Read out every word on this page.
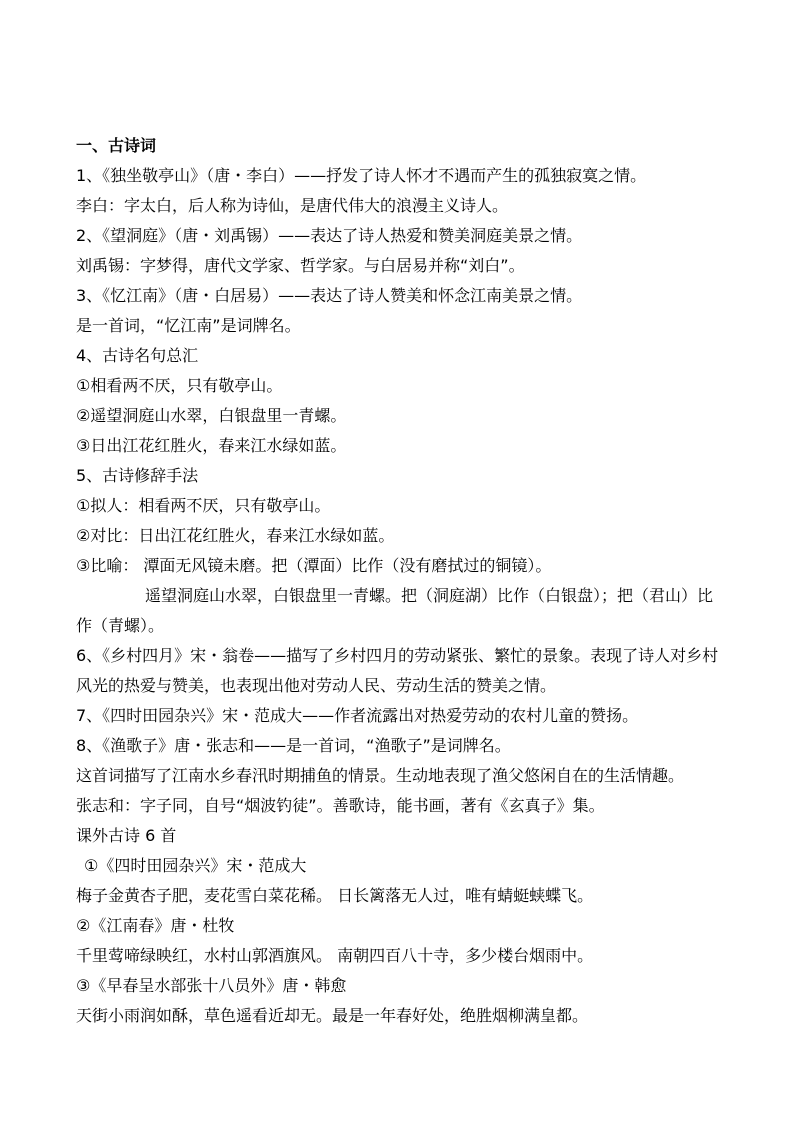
一、古诗词
1、《独坐敬亭山》（唐・李白）——抒发了诗人怀才不遇而产生的孤独寂寞之情。
李白：字太白，后人称为诗仙，是唐代伟大的浪漫主义诗人。
2、《望洞庭》（唐・刘禹锡）——表达了诗人热爱和赞美洞庭美景之情。
刘禹锡：字梦得，唐代文学家、哲学家。与白居易并称“刘白”。
3、《忆江南》（唐・白居易）——表达了诗人赞美和怀念江南美景之情。
是一首词，“忆江南”是词牌名。
4、古诗名句总汇
①相看两不厌，只有敬亭山。
②遥望洞庭山水翠，白银盘里一青螺。
③日出江花红胜火，春来江水绿如蓝。
5、古诗修辞手法
①拟人：相看两不厌，只有敬亭山。
②对比：日出江花红胜火，春来江水绿如蓝。
③比喻： 潭面无风镜未磨。把（潭面）比作（没有磨拭过的铜镜）。
遥望洞庭山水翠，白银盘里一青螺。把（洞庭湖）比作（白银盘）；把（君山）比作（青螺）。
6、《乡村四月》宋・翁卷——描写了乡村四月的劳动紧张、繁忙的景象。表现了诗人对乡村风光的热爱与赞美，也表现出他对劳动人民、劳动生活的赞美之情。
7、《四时田园杂兴》宋・范成大——作者流露出对热爱劳动的农村儿童的赞扬。
8、《渔歌子》唐・张志和——是一首词，“渔歌子”是词牌名。
这首词描写了江南水乡春汛时期捕鱼的情景。生动地表现了渔父悠闲自在的生活情趣。
张志和：字子同，自号“烟波钓徒”。善歌诗，能书画，著有《玄真子》集。
课外古诗 6 首
①《四时田园杂兴》宋・范成大
梅子金黄杏子肥，麦花雪白菜花稀。 日长篱落无人过，唯有蜻蜓蛱蝶飞。
②《江南春》唐・杜牧
千里莺啼绿映红，水村山郭酒旗风。 南朝四百八十寺，多少楼台烟雨中。
③《早春呈水部张十八员外》唐・韩愈
天街小雨润如酥，草色遥看近却无。最是一年春好处，绝胜烟柳满皇都。
